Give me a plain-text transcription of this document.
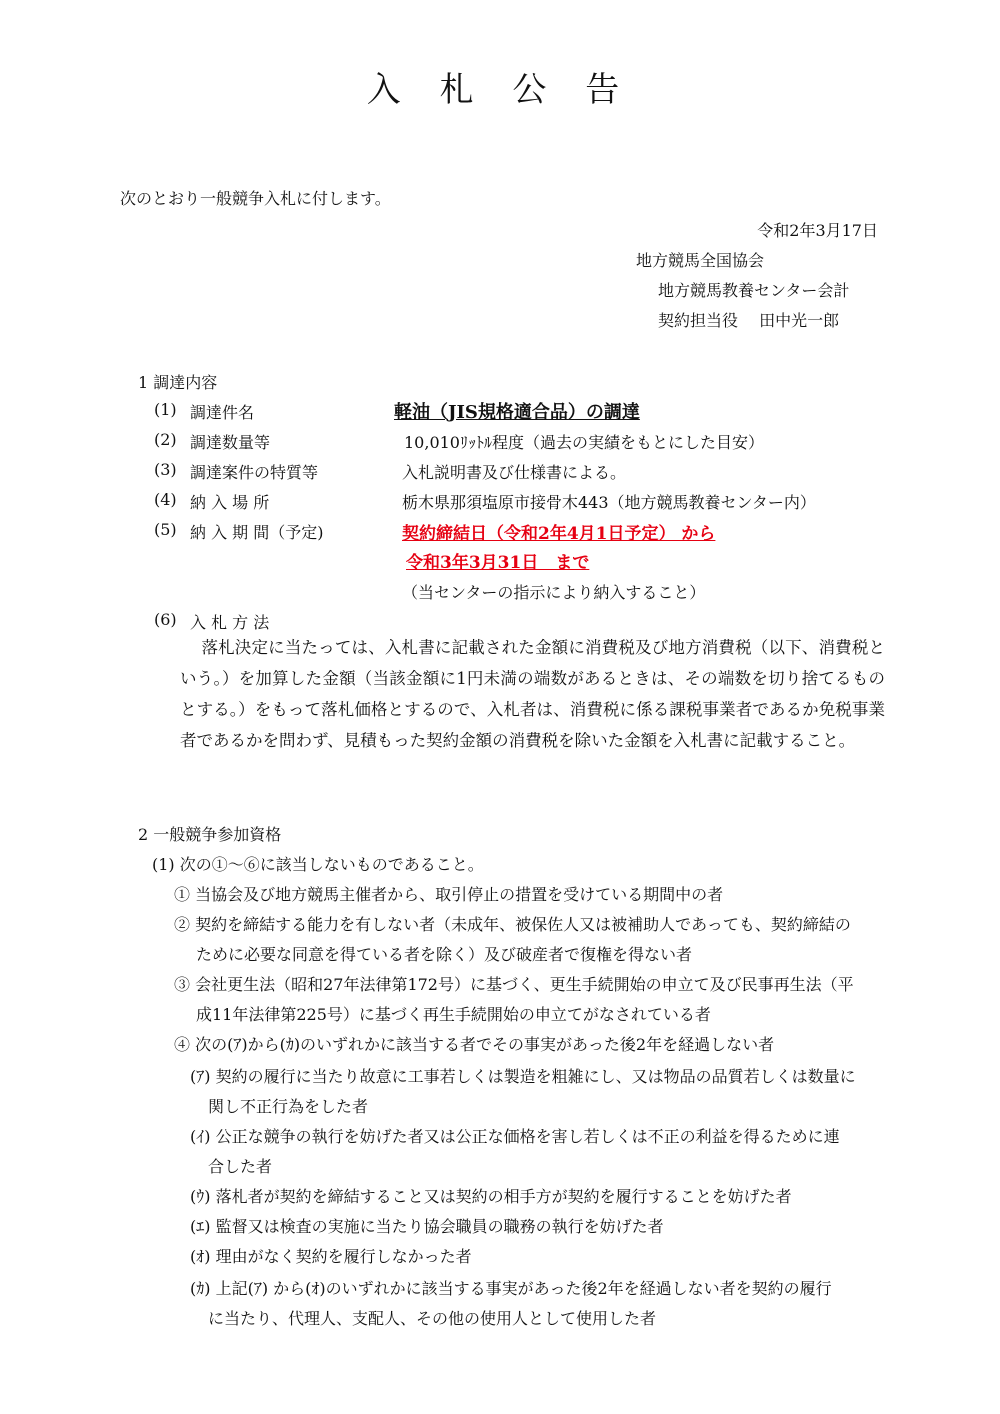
入 札 公 告
次のとおり一般競争入札に付します。
令和2年3月17日
地方競馬全国協会
地方競馬教養センター会計
契約担当役　 田中光一郎
1 調達内容
(1) 調達件名	軽油（JIS規格適合品）の調達
(2) 調達数量等	10,010ﾘｯﾄﾙ程度（過去の実績をもとにした目安）
(3) 調達案件の特質等	入札説明書及び仕様書による。
(4) 納 入 場 所	栃木県那須塩原市接骨木443（地方競馬教養センター内）
(5) 納 入 期 間（予定)	契約締結日（令和2年4月1日予定） から
令和3年3月31日　まで
（当センターの指示により納入すること）
(6) 入 札 方 法
落札決定に当たっては、入札書に記載された金額に消費税及び地方消費税（以下、消費税という。）を加算した金額（当該金額に1円未満の端数があるときは、その端数を切り捨てるものとする。）をもって落札価格とするので、入札者は、消費税に係る課税事業者であるか免税事業者であるかを問わず、見積もった契約金額の消費税を除いた金額を入札書に記載すること。
2 一般競争参加資格
(1) 次の①～⑥に該当しないものであること。
① 当協会及び地方競馬主催者から、取引停止の措置を受けている期間中の者
② 契約を締結する能力を有しない者（未成年、被保佐人又は被補助人であっても、契約締結の
ために必要な同意を得ている者を除く）及び破産者で復権を得ない者
③ 会社更生法（昭和27年法律第172号）に基づく、更生手続開始の申立て及び民事再生法（平
成11年法律第225号）に基づく再生手続開始の申立てがなされている者
④ 次の(ｱ)から(ｶ)のいずれかに該当する者でその事実があった後2年を経過しない者
(ｱ) 契約の履行に当たり故意に工事若しくは製造を粗雑にし、又は物品の品質若しくは数量に
関し不正行為をした者
(ｲ) 公正な競争の執行を妨げた者又は公正な価格を害し若しくは不正の利益を得るために連
合した者
(ｳ) 落札者が契約を締結すること又は契約の相手方が契約を履行することを妨げた者
(ｴ) 監督又は検査の実施に当たり協会職員の職務の執行を妨げた者
(ｵ) 理由がなく契約を履行しなかった者
(ｶ) 上記(ｱ) から(ｵ)のいずれかに該当する事実があった後2年を経過しない者を契約の履行
に当たり、代理人、支配人、その他の使用人として使用した者
